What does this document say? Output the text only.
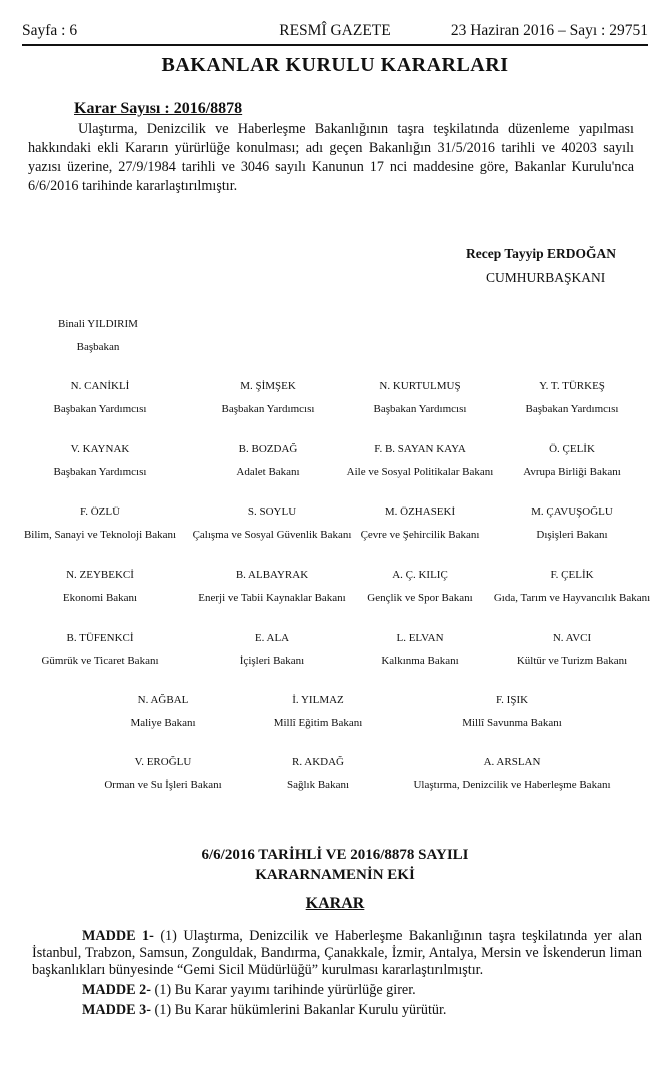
RESMÎ GAZETE
Sayfa : 6	23 Haziran 2016 – Sayı : 29751
BAKANLAR KURULU KARARLARI
Karar Sayısı : 2016/8878

Ulaştırma, Denizcilik ve Haberleşme Bakanlığının taşra teşkilatında düzenleme yapılması hakkındaki ekli Kararın yürürlüğe konulması; adı geçen Bakanlığın 31/5/2016 tarihli ve 40203 sayılı yazısı üzerine, 27/9/1984 tarihli ve 3046 sayılı Kanunun 17 nci maddesine göre, Bakanlar Kurulu'nca 6/6/2016 tarihinde kararlaştırılmıştır.

Recep Tayyip ERDOĞAN
CUMHURBAŞKANI
Binali YILDIRIM
Başbakan
N. CANİKLİ
Başbakan Yardımcısı
M. ŞİMŞEK
Başbakan Yardımcısı
N. KURTULMUŞ
Başbakan Yardımcısı
Y. T. TÜRKEŞ
Başbakan Yardımcısı
V. KAYNAK
Başbakan Yardımcısı
B. BOZDAĞ
Adalet Bakanı
F. B. SAYAN KAYA
Aile ve Sosyal Politikalar Bakanı
Ö. ÇELİK
Avrupa Birliği Bakanı
F. ÖZLÜ
Bilim, Sanayi ve Teknoloji Bakanı
S. SOYLU
Çalışma ve Sosyal Güvenlik Bakanı
M. ÖZHASEKİ
Çevre ve Şehircilik Bakanı
M. ÇAVUŞOĞLU
Dışişleri Bakanı
N. ZEYBEKCİ
Ekonomi Bakanı
B. ALBAYRAK
Enerji ve Tabii Kaynaklar Bakanı
A. Ç. KILIÇ
Gençlik ve Spor Bakanı
F. ÇELİK
Gıda, Tarım ve Hayvancılık Bakanı
B. TÜFENKCİ
Gümrük ve Ticaret Bakanı
E. ALA
İçişleri Bakanı
L. ELVAN
Kalkınma Bakanı
N. AVCI
Kültür ve Turizm Bakanı
N. AĞBAL
Maliye Bakanı
İ. YILMAZ
Millî Eğitim Bakanı
F. IŞIK
Millî Savunma Bakanı
V. EROĞLU
Orman ve Su İşleri Bakanı
R. AKDAĞ
Sağlık Bakanı
A. ARSLAN
Ulaştırma, Denizcilik ve Haberleşme Bakanı
6/6/2016 TARİHLİ VE 2016/8878 SAYILI
KARARNAMENİN EKİ
KARAR

MADDE 1- (1) Ulaştırma, Denizcilik ve Haberleşme Bakanlığının taşra teşkilatında yer alan İstanbul, Trabzon, Samsun, Zonguldak, Bandırma, Çanakkale, İzmir, Antalya, Mersin ve İskenderun liman başkanlıkları bünyesinde “Gemi Sicil Müdürlüğü” kurulması kararlaştırılmıştır.

MADDE 2- (1) Bu Karar yayımı tarihinde yürürlüğe girer.

MADDE 3- (1) Bu Karar hükümlerini Bakanlar Kurulu yürütür.
